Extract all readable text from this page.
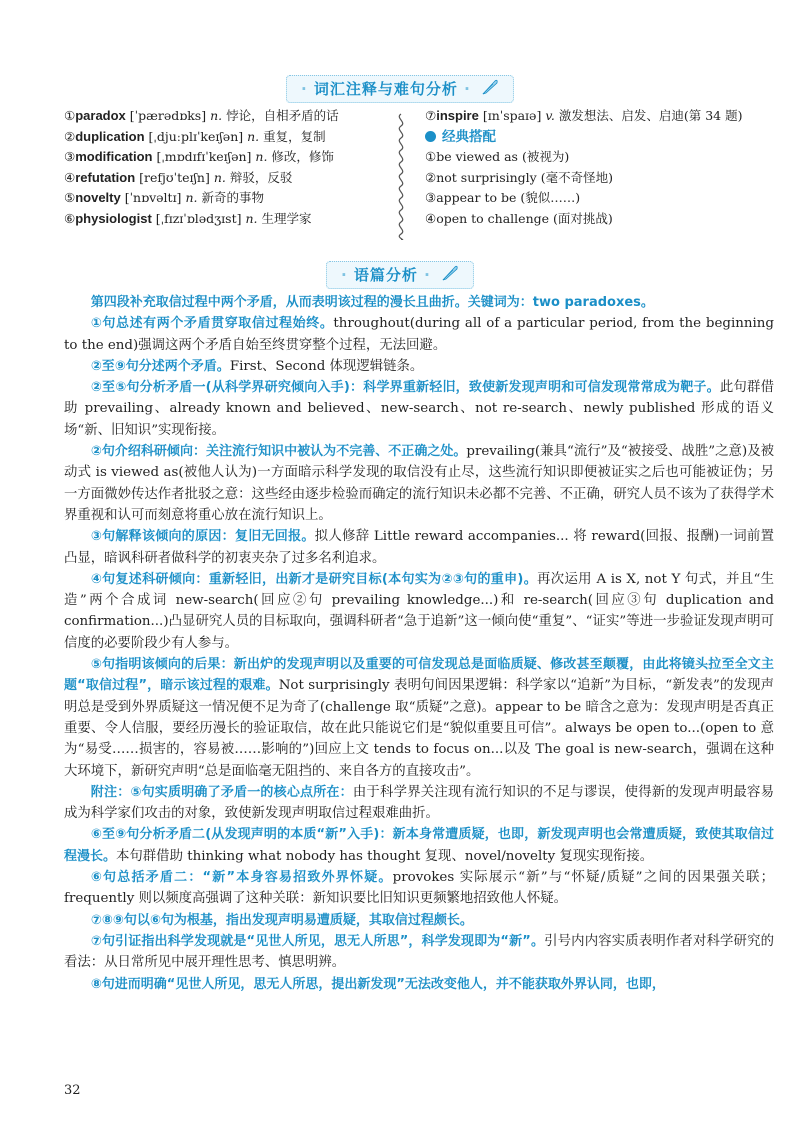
· 词汇注释与难句分析 ·
①paradox [ˈpærədɒks] n. 悖论，自相矛盾的话
②duplication [ˌdjuːplɪˈkeɪʃən] n. 重复，复制
③modification [ˌmɒdɪfɪˈkeɪʃən] n. 修改，修饰
④refutation [refjʊˈteɪʃn] n. 辩驳，反驳
⑤novelty [ˈnɒvəltɪ] n. 新奇的事物
⑥physiologist [ˌfɪzɪˈɒlədʒɪst] n. 生理学家
⑦inspire [ɪnˈspaɪə] v. 激发想法、启发、启迪(第 34 题)
经典搭配
①be viewed as (被视为)
②not surprisingly (毫不奇怪地)
③appear to be (貌似……)
④open to challenge (面对挑战)
· 语篇分析 ·

第四段补充取信过程中两个矛盾，从而表明该过程的漫长且曲折。关键词为：two paradoxes。

①句总述有两个矛盾贯穿取信过程始终。throughout(during all of a particular period, from the beginning to the end)强调这两个矛盾自始至终贯穿整个过程，无法回避。

②至⑨句分述两个矛盾。First、Second 体现逻辑链条。

②至⑤句分析矛盾一(从科学界研究倾向入手)：科学界重新轻旧，致使新发现声明和可信发现常常成为靶子。此句群借助 prevailing、already known and believed、new-search、not re-search、newly published 形成的语义场“新、旧知识”实现衔接。

②句介绍科研倾向：关注流行知识中被认为不完善、不正确之处。prevailing(兼具“流行”及“被接受、战胜”之意)及被动式 is viewed as(被他人认为)一方面暗示科学发现的取信没有止尽，这些流行知识即便被证实之后也可能被证伪；另一方面微妙传达作者批驳之意：这些经由逐步检验而确定的流行知识未必都不完善、不正确，研究人员不该为了获得学术界重视和认可而刻意将重心放在流行知识上。

③句解释该倾向的原因：复旧无回报。拟人修辞 Little reward accompanies... 将 reward(回报、报酬)一词前置凸显，暗讽科研者做科学的初衷夹杂了过多名利追求。

④句复述科研倾向：重新轻旧，出新才是研究目标(本句实为②③句的重申)。再次运用 A is X, not Y 句式，并且“生造”两个合成词 new-search(回应②句 prevailing knowledge...)和 re-search(回应③句 duplication and confirmation...)凸显研究人员的目标取向，强调科研者“急于追新”这一倾向使“重复”、“证实”等进一步验证发现声明可信度的必要阶段少有人参与。

⑤句指明该倾向的后果：新出炉的发现声明以及重要的可信发现总是面临质疑、修改甚至颠覆，由此将镜头拉至全文主题“取信过程”，暗示该过程的艰难。Not surprisingly 表明句间因果逻辑：科学家以“追新”为目标，“新发表”的发现声明总是受到外界质疑这一情况便不足为奇了(challenge 取“质疑”之意)。appear to be 暗含之意为：发现声明是否真正重要、令人信服，要经历漫长的验证取信，故在此只能说它们是“貌似重要且可信”。always be open to...(open to 意为“易受……损害的，容易被……影响的”)回应上文 tends to focus on...以及 The goal is new-search，强调在这种大环境下，新研究声明“总是面临毫无阻挡的、来自各方的直接攻击”。

附注：⑤句实质明确了矛盾一的核心点所在：由于科学界关注现有流行知识的不足与谬误，使得新的发现声明最容易成为科学家们攻击的对象，致使新发现声明取信过程艰难曲折。

⑥至⑨句分析矛盾二(从发现声明的本质“新”入手)：新本身常遭质疑，也即，新发现声明也会常遭质疑，致使其取信过程漫长。本句群借助 thinking what nobody has thought 复现、novel/novelty 复现实现衔接。

⑥句总括矛盾二：“新”本身容易招致外界怀疑。provokes 实际展示“新”与“怀疑/质疑”之间的因果强关联；frequently 则以频度高强调了这种关联：新知识要比旧知识更频繁地招致他人怀疑。

⑦⑧⑨句以⑥句为根基，指出发现声明易遭质疑，其取信过程颇长。

⑦句引证指出科学发现就是“见世人所见，思无人所思”，科学发现即为“新”。引号内内容实质表明作者对科学研究的看法：从日常所见中展开理性思考、慎思明辨。

⑧句进而明确“见世人所见，思无人所思，提出新发现”无法改变他人，并不能获取外界认同，也即，

32
